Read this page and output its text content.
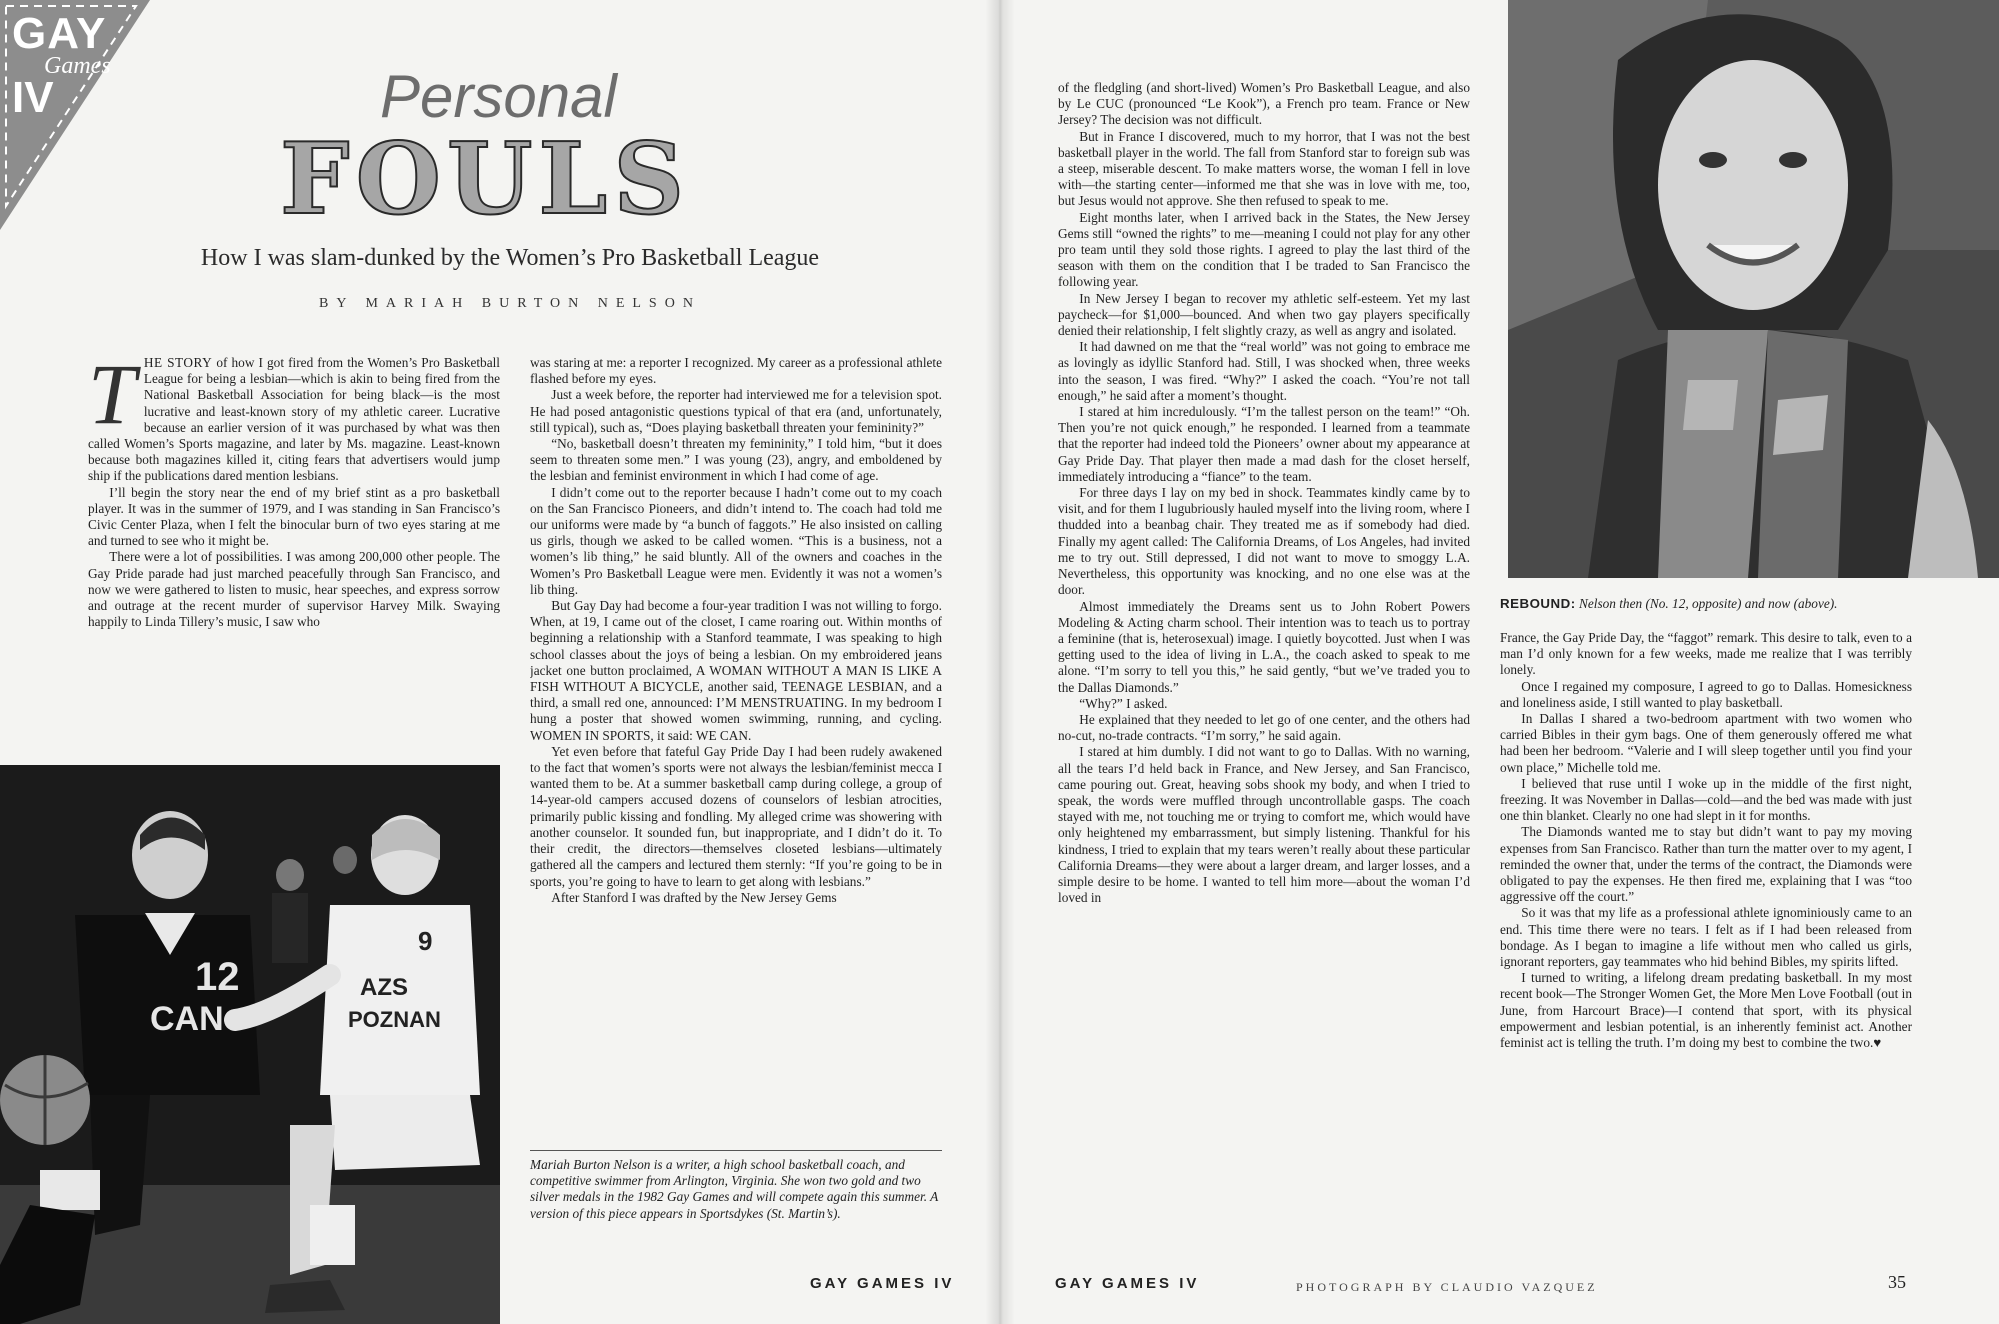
GAY
Games
IV	Personal
FOULS
How I was slam-dunked by the Women’s Pro Basketball League
BY MARIAH BURTON NELSON

THE STORY of how I got fired from the Women’s Pro Basketball League for being a lesbian—which is akin to being fired from the National Basketball Association for being black—is the most lucrative and least-known story of my athletic career. Lucrative because an earlier version of it was purchased by what was then called Women’s Sports magazine, and later by Ms. magazine. Least-known because both magazines killed it, citing fears that advertisers would jump ship if the publications dared mention lesbians.

I’ll begin the story near the end of my brief stint as a pro basketball player. It was in the summer of 1979, and I was standing in San Francisco’s Civic Center Plaza, when I felt the binocular burn of two eyes staring at me and turned to see who it might be.

There were a lot of possibilities. I was among 200,000 other people. The Gay Pride parade had just marched peacefully through San Francisco, and now we were gathered to listen to music, hear speeches, and express sorrow and outrage at the recent murder of supervisor Harvey Milk. Swaying happily to Linda Tillery’s music, I saw who

was staring at me: a reporter I recognized. My career as a professional athlete flashed before my eyes.

Just a week before, the reporter had interviewed me for a television spot. He had posed antagonistic questions typical of that era (and, unfortunately, still typical), such as, “Does playing basketball threaten your femininity?”

“No, basketball doesn’t threaten my femininity,” I told him, “but it does seem to threaten some men.” I was young (23), angry, and emboldened by the lesbian and feminist environment in which I had come of age.

I didn’t come out to the reporter because I hadn’t come out to my coach on the San Francisco Pioneers, and didn’t intend to. The coach had told me our uniforms were made by “a bunch of faggots.” He also insisted on calling us girls, though we asked to be called women. “This is a business, not a women’s lib thing,” he said bluntly. All of the owners and coaches in the Women’s Pro Basketball League were men. Evidently it was not a women’s lib thing.

But Gay Day had become a four-year tradition I was not willing to forgo. When, at 19, I came out of the closet, I came roaring out. Within months of beginning a relationship with a Stanford teammate, I was speaking to high school classes about the joys of being a lesbian. On my embroidered jeans jacket one button proclaimed, A WOMAN WITHOUT A MAN IS LIKE A FISH WITHOUT A BICYCLE, another said, TEENAGE LESBIAN, and a third, a small red one, announced: I’M MENSTRUATING. In my bedroom I hung a poster that showed women swimming, running, and cycling. WOMEN IN SPORTS, it said: WE CAN.

Yet even before that fateful Gay Pride Day I had been rudely awakened to the fact that women’s sports were not always the lesbian/feminist mecca I wanted them to be. At a summer basketball camp during college, a group of 14-year-old campers accused dozens of counselors of lesbian atrocities, primarily public kissing and fondling. My alleged crime was showering with another counselor. It sounded fun, but inappropriate, and I didn’t do it. To their credit, the directors—themselves closeted lesbians—ultimately gathered all the campers and lectured them sternly: “If you’re going to be in sports, you’re going to have to learn to get along with lesbians.”

After Stanford I was drafted by the New Jersey Gems

of the fledgling (and short-lived) Women’s Pro Basketball League, and also by Le CUC (pronounced “Le Kook”), a French pro team. France or New Jersey? The decision was not difficult.

But in France I discovered, much to my horror, that I was not the best basketball player in the world. The fall from Stanford star to foreign sub was a steep, miserable descent. To make matters worse, the woman I fell in love with—the starting center—informed me that she was in love with me, too, but Jesus would not approve. She then refused to speak to me.

Eight months later, when I arrived back in the States, the New Jersey Gems still “owned the rights” to me—meaning I could not play for any other pro team until they sold those rights. I agreed to play the last third of the season with them on the condition that I be traded to San Francisco the following year.

In New Jersey I began to recover my athletic self-esteem. Yet my last paycheck—for $1,000—bounced. And when two gay players specifically denied their relationship, I felt slightly crazy, as well as angry and isolated.

It had dawned on me that the “real world” was not going to embrace me as lovingly as idyllic Stanford had. Still, I was shocked when, three weeks into the season, I was fired. “Why?” I asked the coach. “You’re not tall enough,” he said after a moment’s thought.

I stared at him incredulously. “I’m the tallest person on the team!” “Oh. Then you’re not quick enough,” he responded. I learned from a teammate that the reporter had indeed told the Pioneers’ owner about my appearance at Gay Pride Day. That player then made a mad dash for the closet herself, immediately introducing a “fiance” to the team.

For three days I lay on my bed in shock. Teammates kindly came by to visit, and for them I lugubriously hauled myself into the living room, where I thudded into a beanbag chair. They treated me as if somebody had died. Finally my agent called: The California Dreams, of Los Angeles, had invited me to try out. Still depressed, I did not want to move to smoggy L.A. Nevertheless, this opportunity was knocking, and no one else was at the door.

Almost immediately the Dreams sent us to John Robert Powers Modeling & Acting charm school. Their intention was to teach us to portray a feminine (that is, heterosexual) image. I quietly boycotted. Just when I was getting used to the idea of living in L.A., the coach asked to speak to me alone. “I’m sorry to tell you this,” he said gently, “but we’ve traded you to the Dallas Diamonds.”

“Why?” I asked.

He explained that they needed to let go of one center, and the others had no-cut, no-trade contracts. “I’m sorry,” he said again.

I stared at him dumbly. I did not want to go to Dallas. With no warning, all the tears I’d held back in France, and New Jersey, and San Francisco, came pouring out. Great, heaving sobs shook my body, and when I tried to speak, the words were muffled through uncontrollable gasps. The coach stayed with me, not touching me or trying to comfort me, which would have only heightened my embarrassment, but simply listening. Thankful for his kindness, I tried to explain that my tears weren’t really about these particular California Dreams—they were about a larger dream, and larger losses, and a simple desire to be home. I wanted to tell him more—about the woman I’d loved in

France, the Gay Pride Day, the “faggot” remark. This desire to talk, even to a man I’d only known for a few weeks, made me realize that I was terribly lonely.

Once I regained my composure, I agreed to go to Dallas. Homesickness and loneliness aside, I still wanted to play basketball.

In Dallas I shared a two-bedroom apartment with two women who carried Bibles in their gym bags. One of them generously offered me what had been her bedroom. “Valerie and I will sleep together until you find your own place,” Michelle told me.

I believed that ruse until I woke up in the middle of the first night, freezing. It was November in Dallas—cold—and the bed was made with just one thin blanket. Clearly no one had slept in it for months.

The Diamonds wanted me to stay but didn’t want to pay my moving expenses from San Francisco. Rather than turn the matter over to my agent, I reminded the owner that, under the terms of the contract, the Diamonds were obligated to pay the expenses. He then fired me, explaining that I was “too aggressive off the court.”

So it was that my life as a professional athlete ignominiously came to an end. This time there were no tears. I felt as if I had been released from bondage. As I began to imagine a life without men who called us girls, ignorant reporters, gay teammates who hid behind Bibles, my spirits lifted.

I turned to writing, a lifelong dream predating basketball. In my most recent book—The Stronger Women Get, the More Men Love Football (out in June, from Harcourt Brace)—I contend that sport, with its physical empowerment and lesbian potential, is an inherently feminist act. Another feminist act is telling the truth. I’m doing my best to combine the two.♥

Mariah Burton Nelson is a writer, a high school basketball coach, and competitive swimmer from Arlington, Virginia. She won two gold and two silver medals in the 1982 Gay Games and will compete again this summer. A version of this piece appears in Sportsdykes (St. Martin’s).
CAN
12
9
AZS
POZNAN
REBOUND: Nelson then (No. 12, opposite) and now (above).
GAY GAMES IV	GAY GAMES IV	PHOTOGRAPH BY CLAUDIO VAZQUEZ	35
